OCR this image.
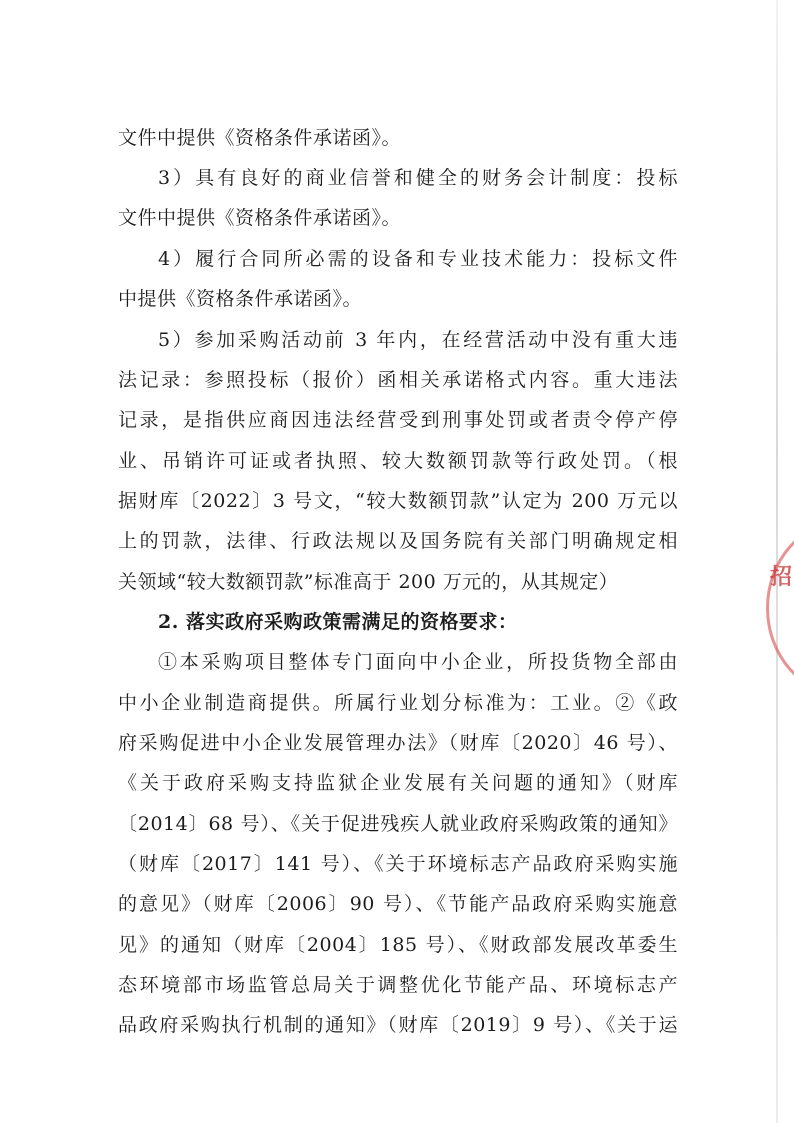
文件中提供《资格条件承诺函》。
3）具有良好的商业信誉和健全的财务会计制度：投标
文件中提供《资格条件承诺函》。
4）履行合同所必需的设备和专业技术能力：投标文件
中提供《资格条件承诺函》。
5）参加采购活动前 3 年内，在经营活动中没有重大违
法记录：参照投标（报价）函相关承诺格式内容。重大违法
记录，是指供应商因违法经营受到刑事处罚或者责令停产停
业、吊销许可证或者执照、较大数额罚款等行政处罚。（根
据财库〔2022〕3 号文，“较大数额罚款”认定为 200 万元以
上的罚款，法律、行政法规以及国务院有关部门明确规定相
关领域“较大数额罚款”标准高于 200 万元的，从其规定）
2. 落实政府采购政策需满足的资格要求：
①本采购项目整体专门面向中小企业，所投货物全部由
中小企业制造商提供。所属行业划分标准为：工业。②《政
府采购促进中小企业发展管理办法》（财库〔2020〕46 号）、
《关于政府采购支持监狱企业发展有关问题的通知》（财库
〔2014〕68 号）、《关于促进残疾人就业政府采购政策的通知》
（财库〔2017〕141 号）、《关于环境标志产品政府采购实施
的意见》（财库〔2006〕90 号）、《节能产品政府采购实施意
见》的通知（财库〔2004〕185 号）、《财政部发展改革委生
态环境部市场监管总局关于调整优化节能产品、环境标志产
品政府采购执行机制的通知》（财库〔2019〕9 号）、《关于运
招
